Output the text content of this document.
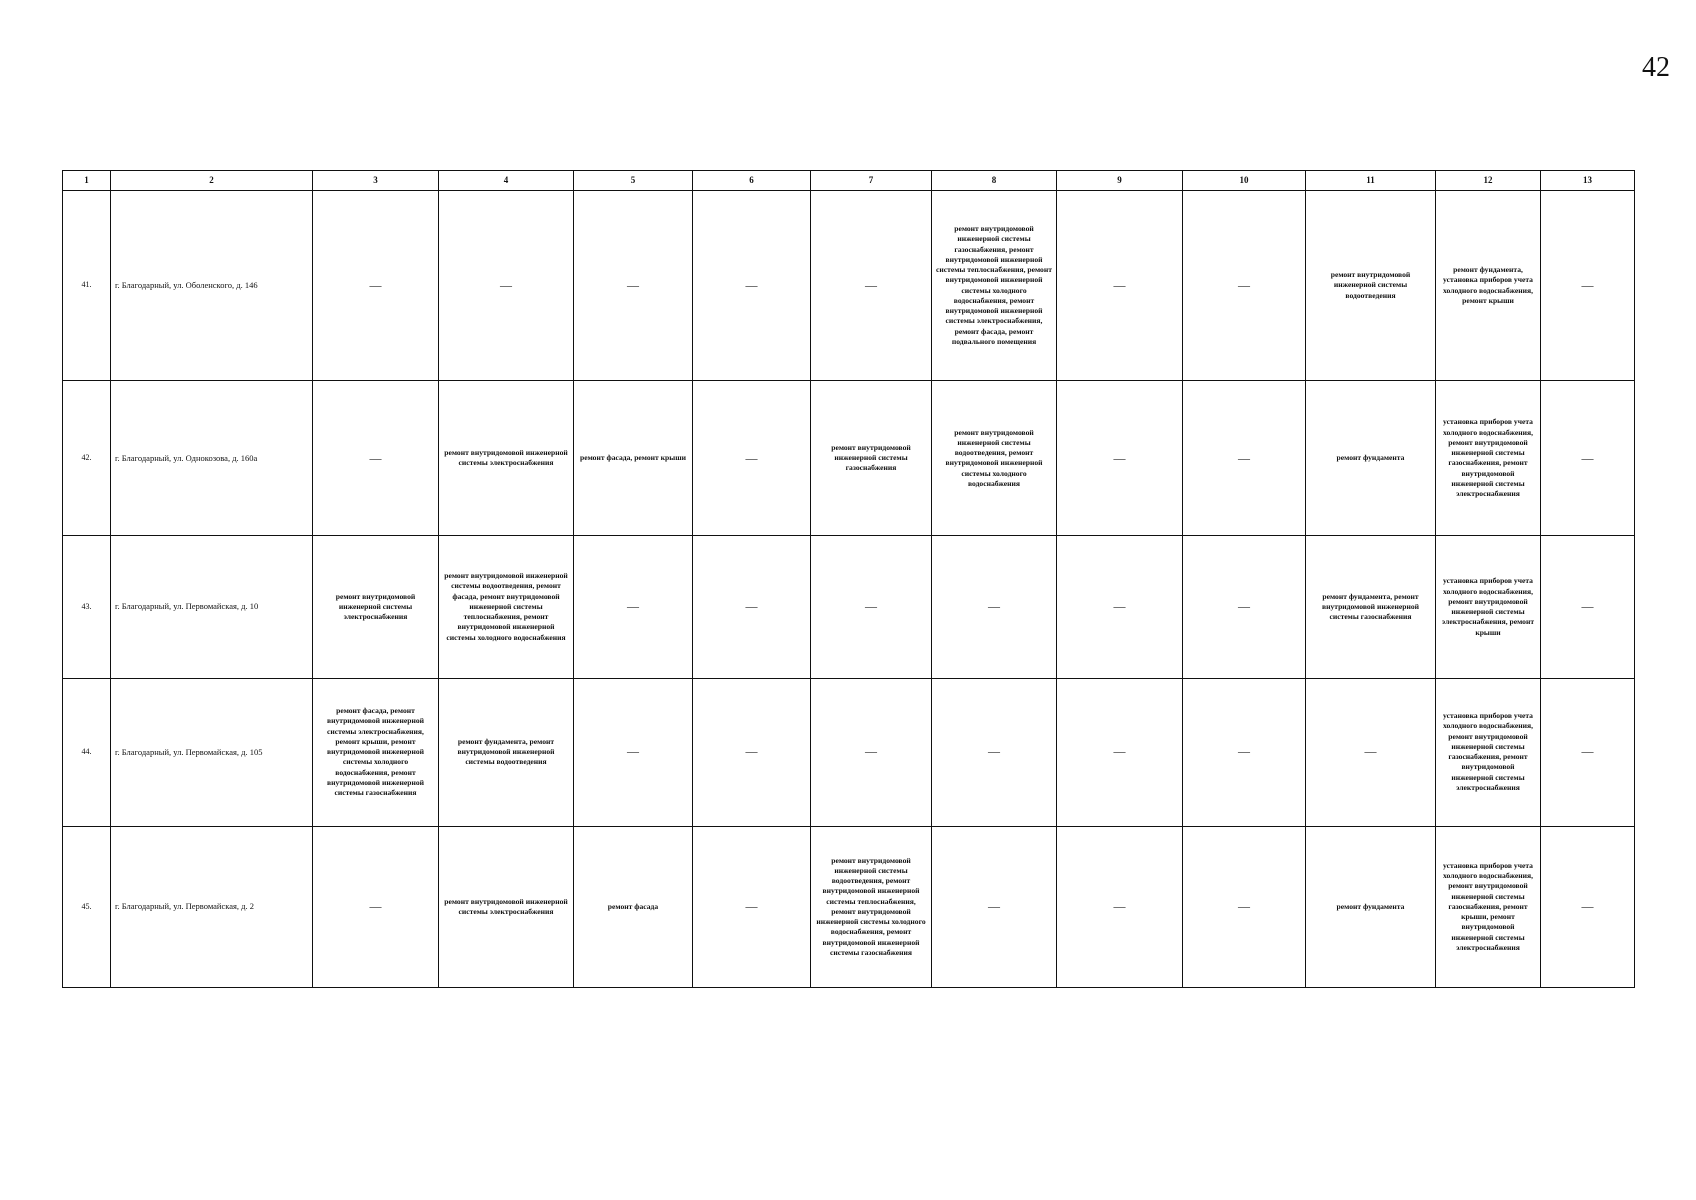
42
1	2	3	4	5	6	7	8	9	10	11	12	13
41.	г. Благодарный, ул. Оболенского, д. 146	—	—	—	—	—	ремонт внутридомовой инженерной системы газоснабжения, ремонт внутридомовой инженерной системы теплоснабжения, ремонт внутридомовой инженерной системы холодного водоснабжения, ремонт внутридомовой инженерной системы электроснабжения, ремонт фасада, ремонт подвального помещения	—	—	ремонт внутридомовой инженерной системы водоотведения	ремонт фундамента, установка приборов учета холодного водоснабжения, ремонт крыши	—
42.	г. Благодарный, ул. Однокозова, д. 160а	—	ремонт внутридомовой инженерной системы электроснабжения	ремонт фасада, ремонт крыши	—	ремонт внутридомовой инженерной системы газоснабжения	ремонт внутридомовой инженерной системы водоотведения, ремонт внутридомовой инженерной системы холодного водоснабжения	—	—	ремонт фундамента	установка приборов учета холодного водоснабжения, ремонт внутридомовой инженерной системы газоснабжения, ремонт внутридомовой инженерной системы электроснабжения	—
43.	г. Благодарный, ул. Первомайская, д. 10	ремонт внутридомовой инженерной системы электроснабжения	ремонт внутридомовой инженерной системы водоотведения, ремонт фасада, ремонт внутридомовой инженерной системы теплоснабжения, ремонт внутридомовой инженерной системы холодного водоснабжения	—	—	—	—	—	—	ремонт фундамента, ремонт внутридомовой инженерной системы газоснабжения	установка приборов учета холодного водоснабжения, ремонт внутридомовой инженерной системы электроснабжения, ремонт крыши	—
44.	г. Благодарный, ул. Первомайская, д. 105	ремонт фасада, ремонт внутридомовой инженерной системы электроснабжения, ремонт крыши, ремонт внутридомовой инженерной системы холодного водоснабжения, ремонт внутридомовой инженерной системы газоснабжения	ремонт фундамента, ремонт внутридомовой инженерной системы водоотведения	—	—	—	—	—	—	—	установка приборов учета холодного водоснабжения, ремонт внутридомовой инженерной системы газоснабжения, ремонт внутридомовой инженерной системы электроснабжения	—
45.	г. Благодарный, ул. Первомайская, д. 2	—	ремонт внутридомовой инженерной системы электроснабжения	ремонт фасада	—	ремонт внутридомовой инженерной системы водоотведения, ремонт внутридомовой инженерной системы теплоснабжения, ремонт внутридомовой инженерной системы холодного водоснабжения, ремонт внутридомовой инженерной системы газоснабжения	—	—	—	ремонт фундамента	установка приборов учета холодного водоснабжения, ремонт внутридомовой инженерной системы газоснабжения, ремонт крыши, ремонт внутридомовой инженерной системы электроснабжения	—
